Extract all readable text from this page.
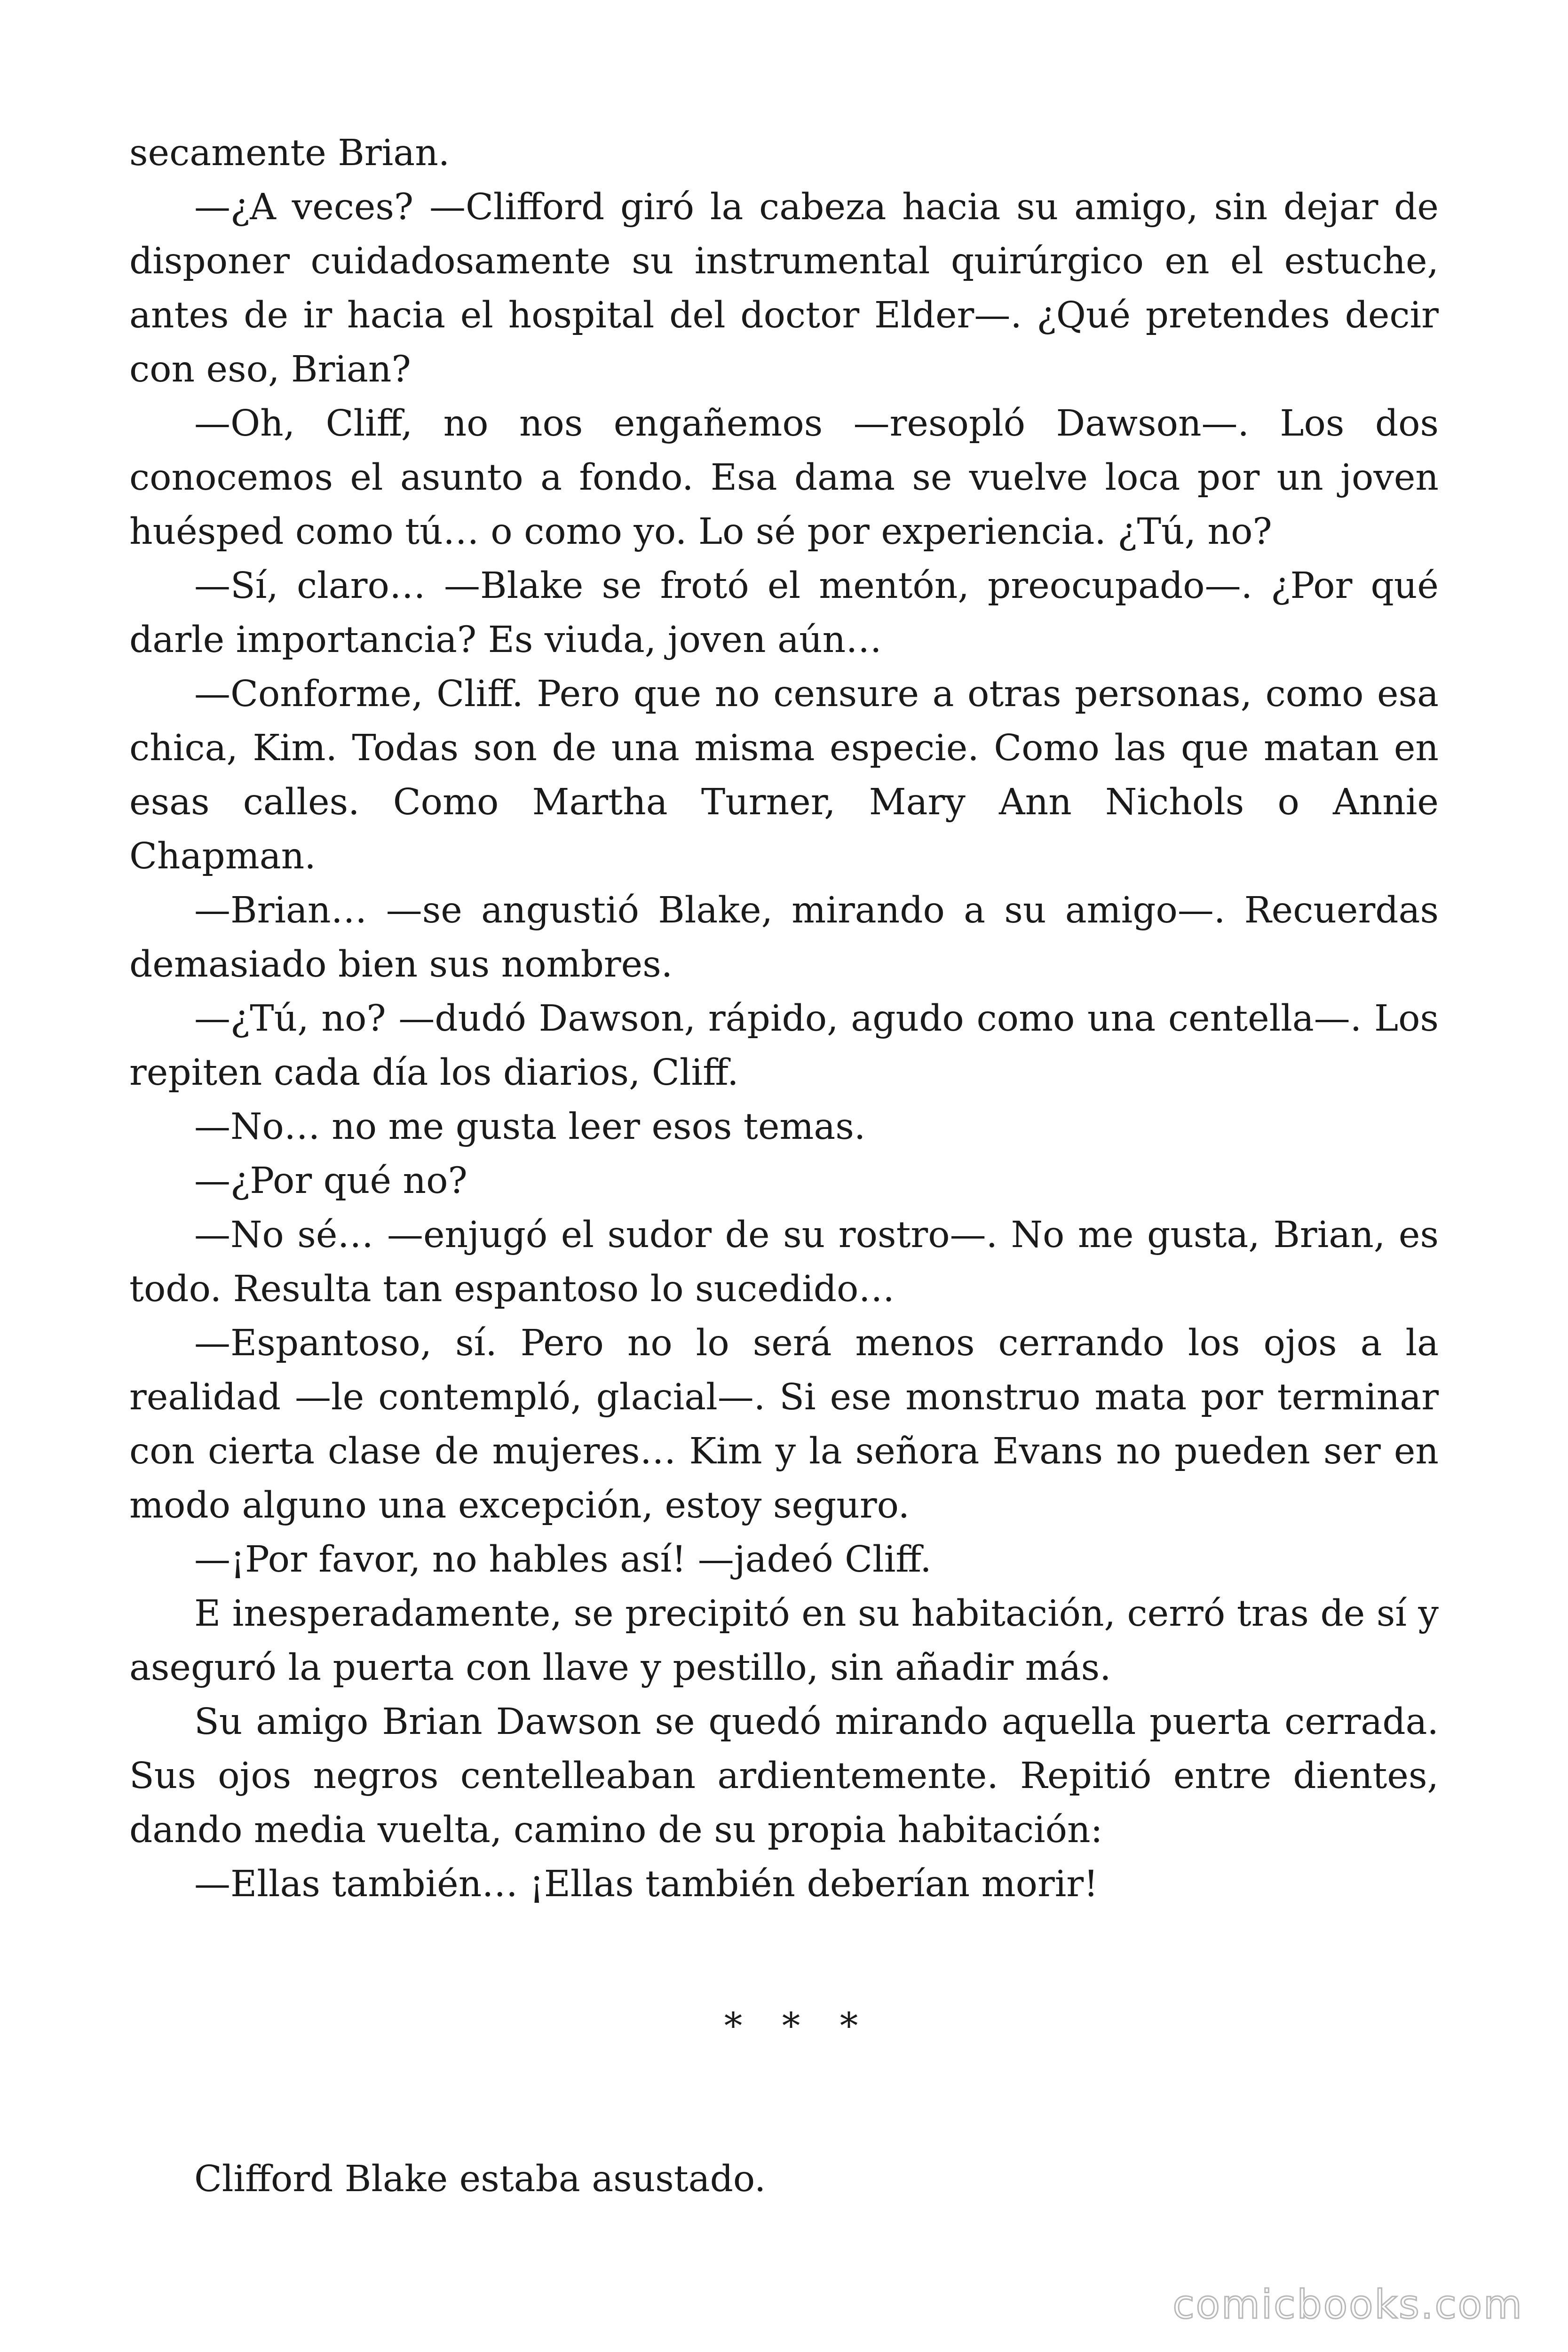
secamente Brian.

—¿A veces? —Clifford giró la cabeza hacia su amigo, sin dejar de disponer cuidadosamente su instrumental quirúrgico en el estuche, antes de ir hacia el hospital del doctor Elder—. ¿Qué pretendes decir con eso, Brian?

—Oh, Cliff, no nos engañemos —resopló Dawson—. Los dos conocemos el asunto a fondo. Esa dama se vuelve loca por un joven huésped como tú… o como yo. Lo sé por experiencia. ¿Tú, no?

—Sí, claro… —Blake se frotó el mentón, preocupado—. ¿Por qué darle importancia? Es viuda, joven aún…

—Conforme, Cliff. Pero que no censure a otras personas, como esa chica, Kim. Todas son de una misma especie. Como las que matan en esas calles. Como Martha Turner, Mary Ann Nichols o Annie Chapman.

—Brian… —se angustió Blake, mirando a su amigo—. Recuerdas demasiado bien sus nombres.

—¿Tú, no? —dudó Dawson, rápido, agudo como una centella—. Los repiten cada día los diarios, Cliff.

—No… no me gusta leer esos temas.

—¿Por qué no?

—No sé… —enjugó el sudor de su rostro—. No me gusta, Brian, es todo. Resulta tan espantoso lo sucedido…

—Espantoso, sí. Pero no lo será menos cerrando los ojos a la realidad —le contempló, glacial—. Si ese monstruo mata por terminar con cierta clase de mujeres… Kim y la señora Evans no pueden ser en modo alguno una excepción, estoy seguro.

—¡Por favor, no hables así! —jadeó Cliff.

E inesperadamente, se precipitó en su habitación, cerró tras de sí y aseguró la puerta con llave y pestillo, sin añadir más.

Su amigo Brian Dawson se quedó mirando aquella puerta cerrada. Sus ojos negros centelleaban ardientemente. Repitió entre dientes, dando media vuelta, camino de su propia habitación:

—Ellas también… ¡Ellas también deberían morir!

* * *
Clifford Blake estaba asustado.
comicbooks.com
